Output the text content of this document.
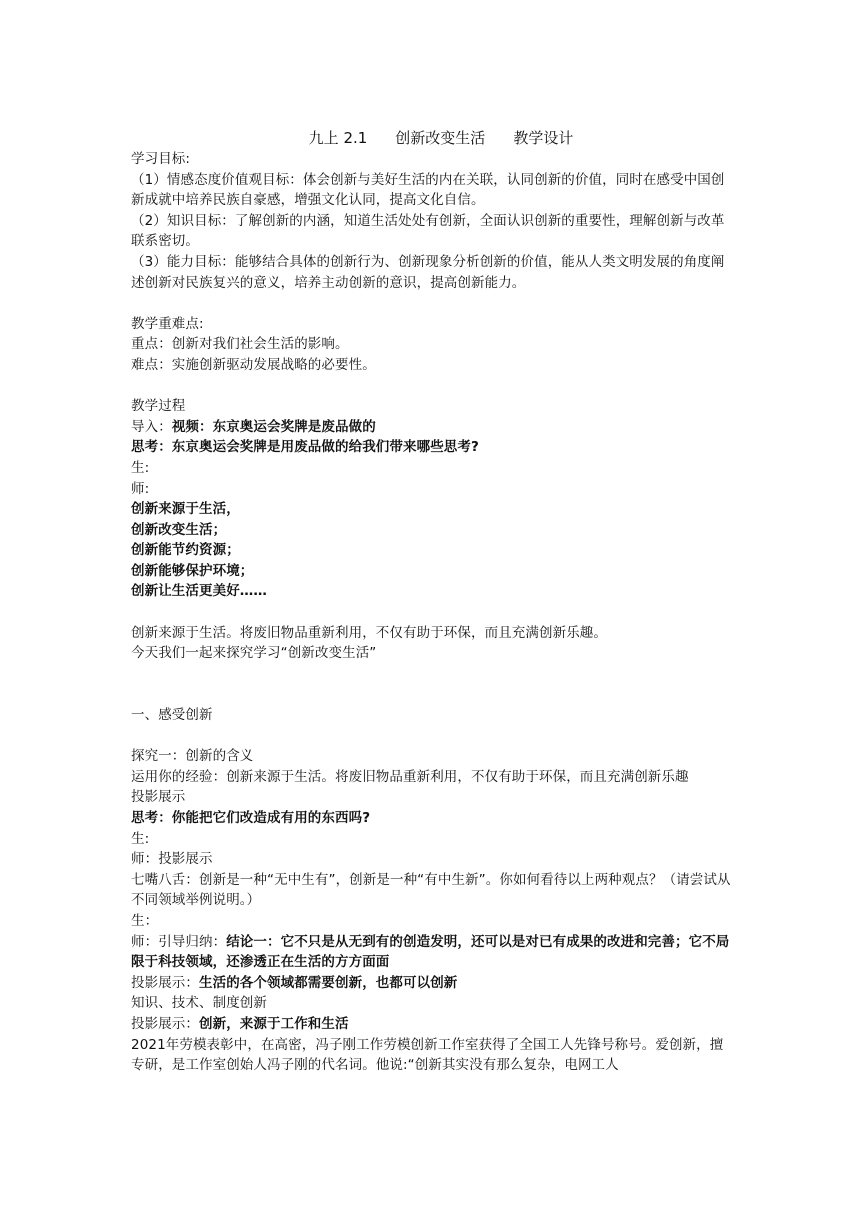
九上 2.1 创新改变生活 教学设计
学习目标:
（1）情感态度价值观目标：体会创新与美好生活的内在关联，认同创新的价值，同时在感受中国创新成就中培养民族自豪感，增强文化认同，提高文化自信。
（2）知识目标：了解创新的内涵，知道生活处处有创新，全面认识创新的重要性，理解创新与改革联系密切。
（3）能力目标：能够结合具体的创新行为、创新现象分析创新的价值，能从人类文明发展的角度阐述创新对民族复兴的意义，培养主动创新的意识，提高创新能力。
教学重难点:
重点：创新对我们社会生活的影响。
难点：实施创新驱动发展战略的必要性。
教学过程
导入：视频：东京奥运会奖牌是废品做的
思考：东京奥运会奖牌是用废品做的给我们带来哪些思考?
生:
师:
创新来源于生活，
创新改变生活；
创新能节约资源；
创新能够保护环境；
创新让生活更美好……
创新来源于生活。将废旧物品重新利用，不仅有助于环保，而且充满创新乐趣。
今天我们一起来探究学习“创新改变生活”
一、感受创新
探究一：创新的含义
运用你的经验：创新来源于生活。将废旧物品重新利用，不仅有助于环保，而且充满创新乐趣
投影展示
思考：你能把它们改造成有用的东西吗?
生:
师：投影展示
七嘴八舌：创新是一种“无中生有”，创新是一种“有中生新”。你如何看待以上两种观点？（请尝试从不同领域举例说明。）
生：
师：引导归纳：结论一：它不只是从无到有的创造发明，还可以是对已有成果的改进和完善；它不局限于科技领域，还渗透正在生活的方方面面
投影展示：生活的各个领域都需要创新，也都可以创新
知识、技术、制度创新
投影展示：创新，来源于工作和生活
2021年劳模表彰中，在高密，冯子刚工作劳模创新工作室获得了全国工人先锋号称号。爱创新，擅专研，是工作室创始人冯子刚的代名词。他说:“创新其实没有那么复杂，电网工人
